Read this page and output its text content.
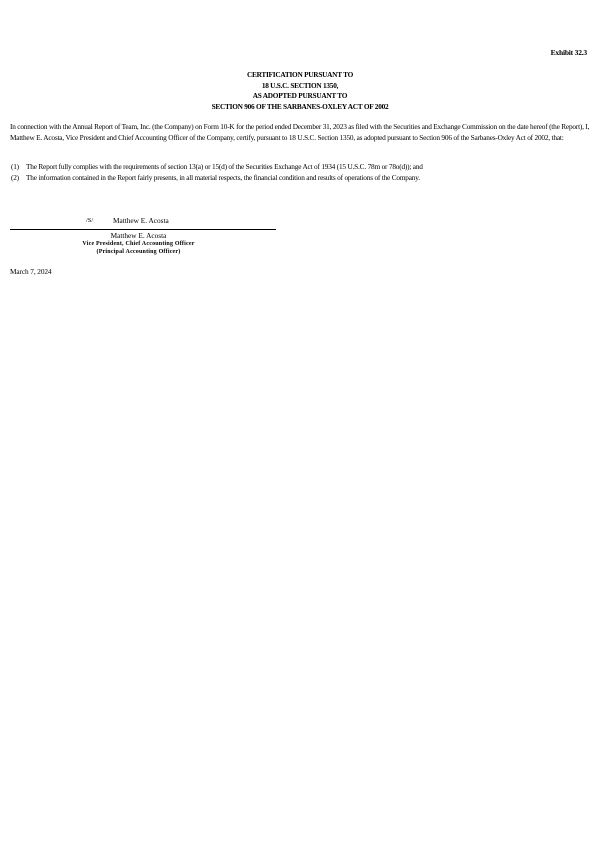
Exhibit 32.3
CERTIFICATION PURSUANT TO
18 U.S.C. SECTION 1350,
AS ADOPTED PURSUANT TO
SECTION 906 OF THE SARBANES-OXLEY ACT OF 2002
In connection with the Annual Report of Team, Inc. (the Company) on Form 10-K for the period ended December 31, 2023 as filed with the Securities and Exchange Commission on the date hereof (the Report), I, Matthew E. Acosta, Vice President and Chief Accounting Officer of the Company, certify, pursuant to 18 U.S.C. Section 1350, as adopted pursuant to Section 906 of the Sarbanes-Oxley Act of 2002, that:
(1) The Report fully complies with the requirements of section 13(a) or 15(d) of the Securities Exchange Act of 1934 (15 U.S.C. 78m or 78o(d)); and
(2) The information contained in the Report fairly presents, in all material respects, the financial condition and results of operations of the Company.
/S/	Matthew E. Acosta
Matthew E. Acosta
Vice President, Chief Accounting Officer
(Principal Accounting Officer)
March 7, 2024
